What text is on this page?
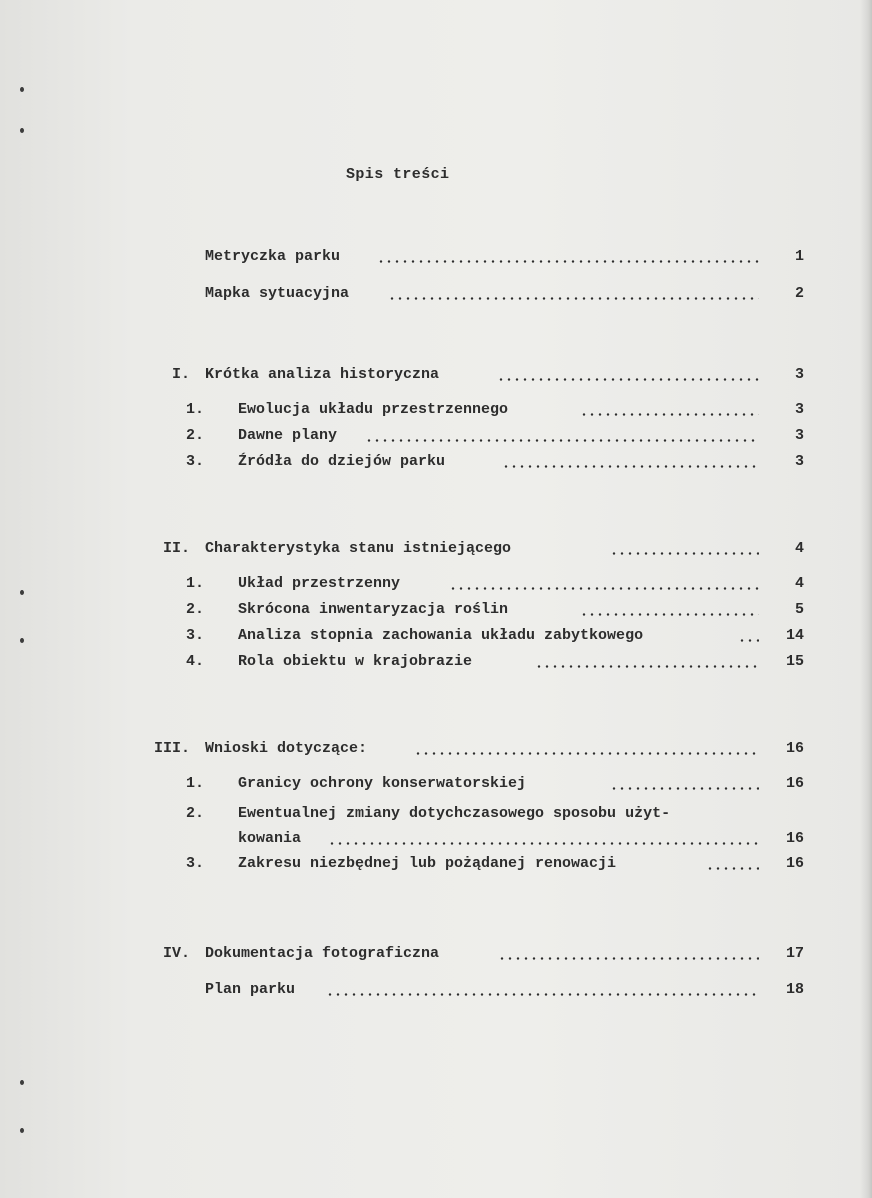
Spis treści
Metryczka parku	1
Mapka sytuacyjna	2
I. Krótka analiza historyczna	3
1. Ewolucja układu przestrzennego	3
2. Dawne plany	3
3. Źródła do dziejów parku	3
II. Charakterystyka stanu istniejącego	4
1. Układ przestrzenny	4
2. Skrócona inwentaryzacja roślin	5
3. Analiza stopnia zachowania układu zabytkowego	14
4. Rola obiektu w krajobrazie	15
III. Wnioski dotyczące:	16
1. Granicy ochrony konserwatorskiej	16
2. Ewentualnej zmiany dotychczasowego sposobu użyt-
kowania	16
3. Zakresu niezbędnej lub pożądanej renowacji	16
IV. Dokumentacja fotograficzna	17
Plan parku	18
